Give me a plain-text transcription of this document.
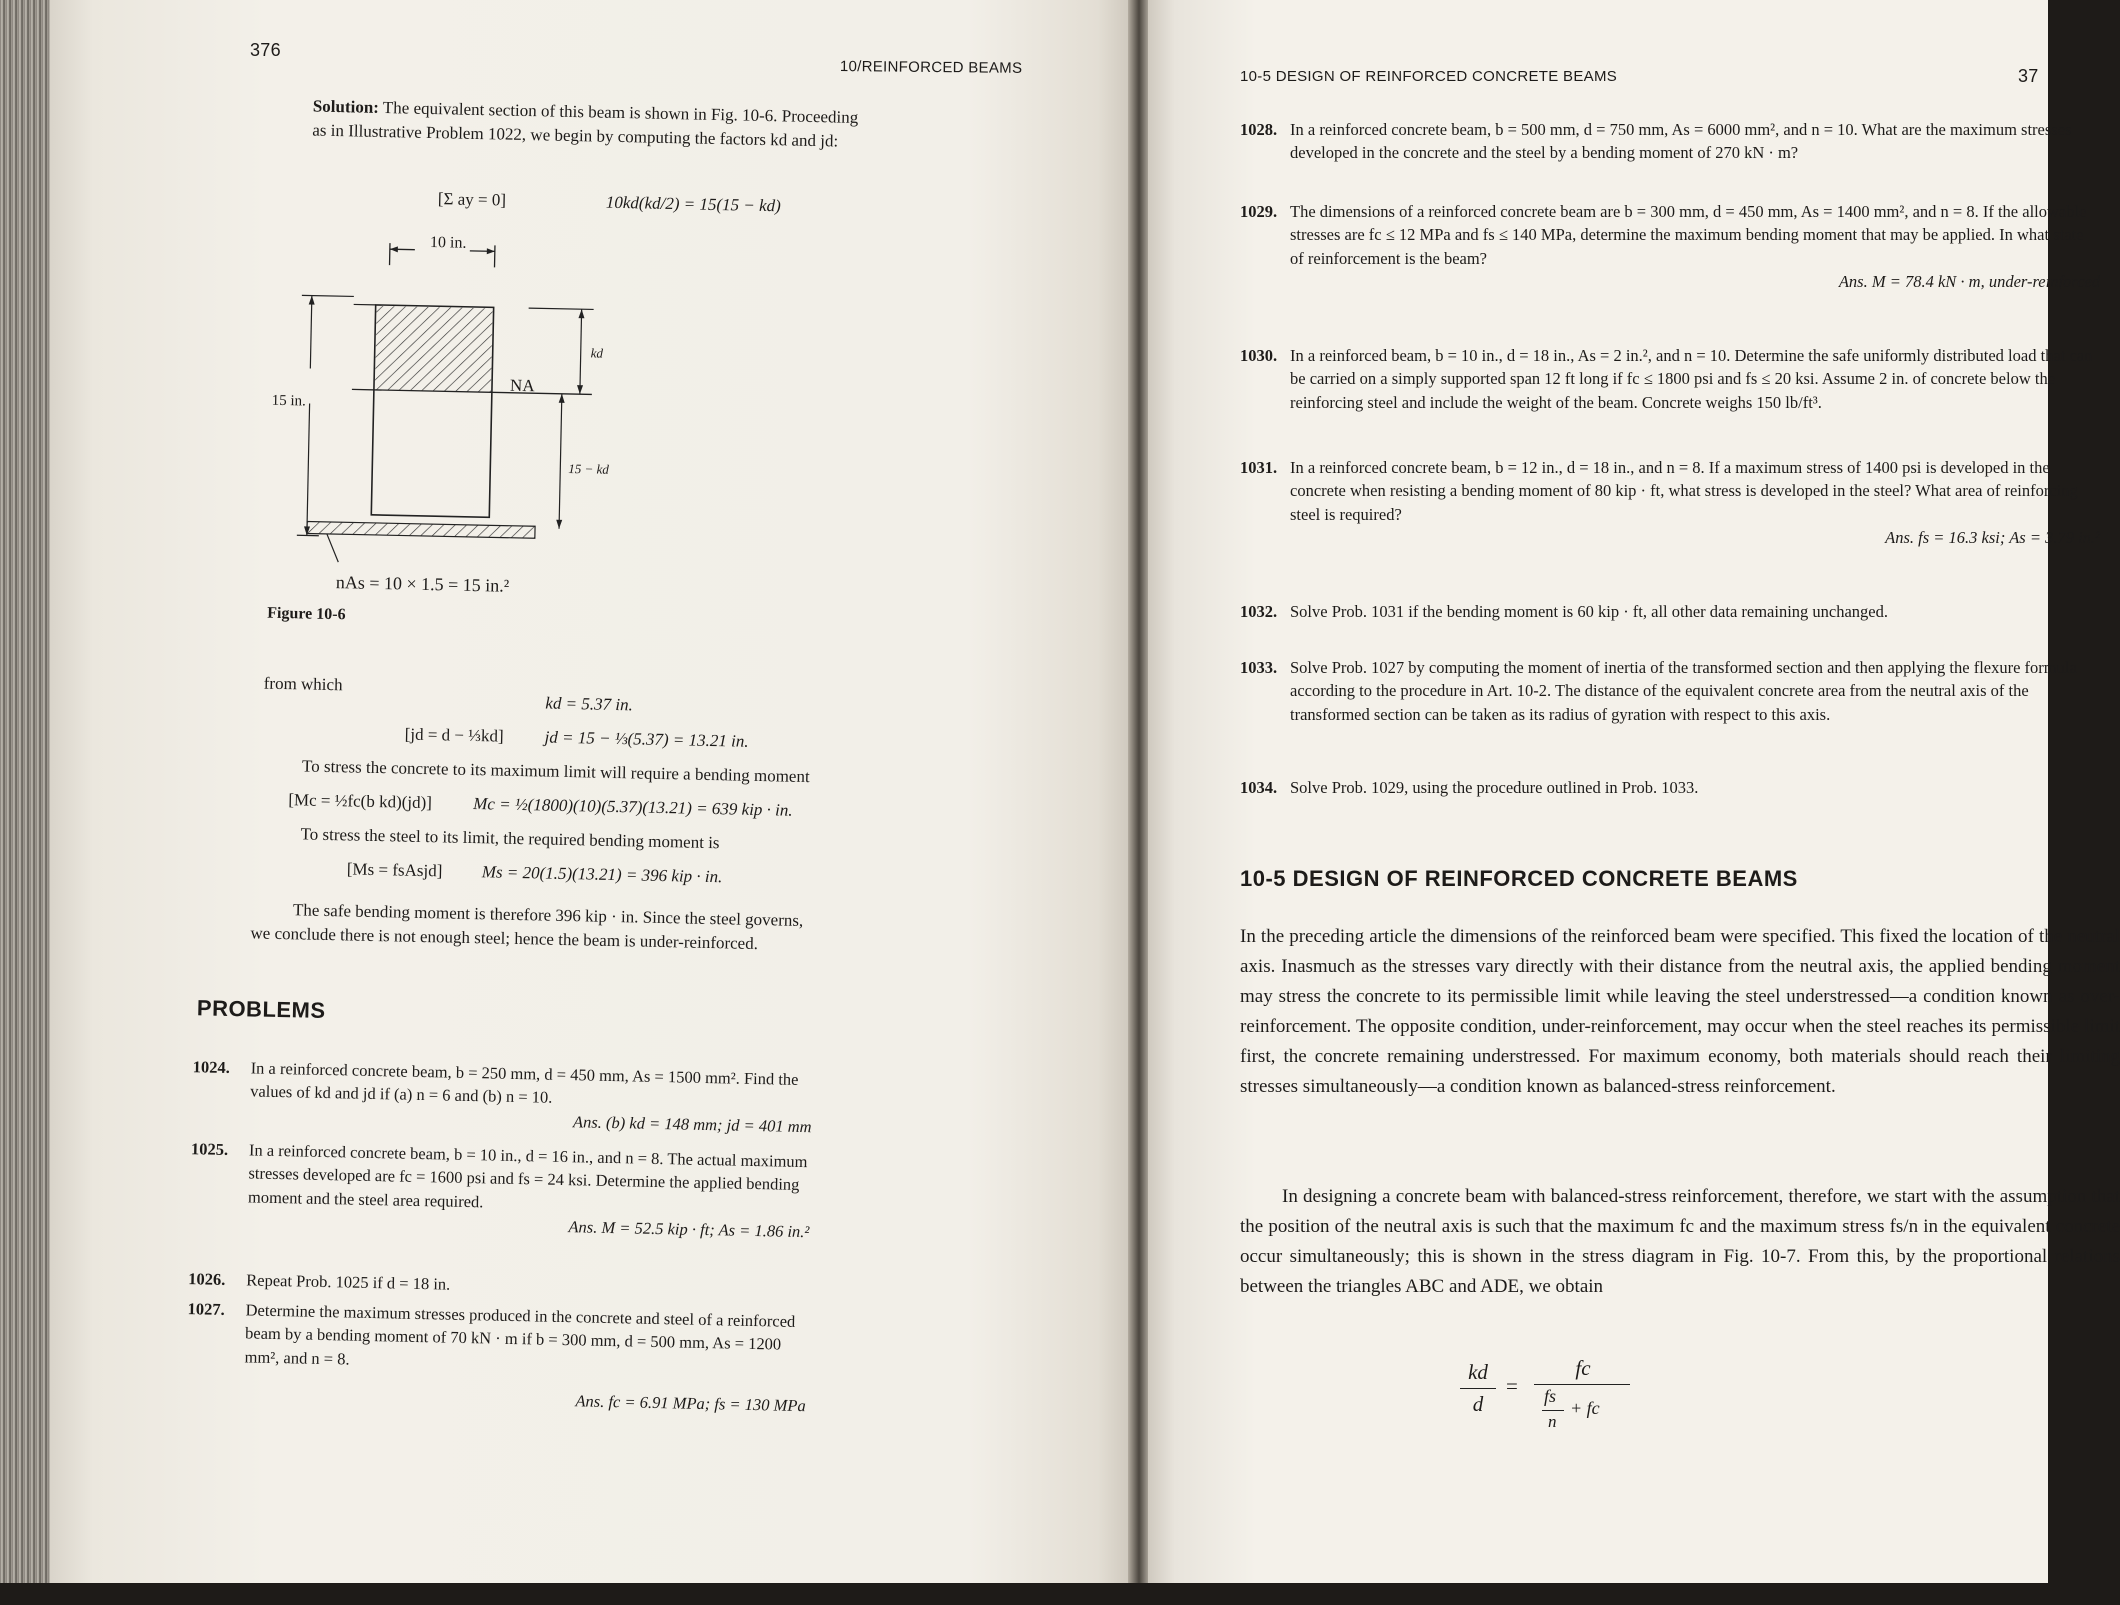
376
10/REINFORCED BEAMS
Solution: The equivalent section of this beam is shown in Fig. 10-6. Proceeding
as in Illustrative Problem 1022, we begin by computing the factors kd and jd:
[Σ ay = 0]	10kd(kd/2) = 15(15 − kd)
10 in.
15 in.
kd
NA
15 − kd
nAs = 10 × 1.5 = 15 in.²
Figure 10-6
from which
kd = 5.37 in.
[jd = d − ⅓kd] jd = 15 − ⅓(5.37) = 13.21 in.
To stress the concrete to its maximum limit will require a bending moment
[Mc = ½fc(b kd)(jd)] Mc = ½(1800)(10)(5.37)(13.21) = 639 kip · in.
To stress the steel to its limit, the required bending moment is
[Ms = fsAsjd] Ms = 20(1.5)(13.21) = 396 kip · in.
The safe bending moment is therefore 396 kip · in. Since the steel governs,
we conclude there is not enough steel; hence the beam is under-reinforced.
PROBLEMS
1024. In a reinforced concrete beam, b = 250 mm, d = 450 mm, As = 1500 mm². Find the values of kd and jd if (a) n = 6 and (b) n = 10.
Ans. (b) kd = 148 mm; jd = 401 mm
1025. In a reinforced concrete beam, b = 10 in., d = 16 in., and n = 8. The actual maximum stresses developed are fc = 1600 psi and fs = 24 ksi. Determine the applied bending moment and the steel area required.
Ans. M = 52.5 kip · ft; As = 1.86 in.²
1026. Repeat Prob. 1025 if d = 18 in.
1027. Determine the maximum stresses produced in the concrete and steel of a reinforced beam by a bending moment of 70 kN · m if b = 300 mm, d = 500 mm, As = 1200 mm², and n = 8.
Ans. fc = 6.91 MPa; fs = 130 MPa
10-5 DESIGN OF REINFORCED CONCRETE BEAMS	37
1028. In a reinforced concrete beam, b = 500 mm, d = 750 mm, As = 6000 mm², and n = 10. What are the maximum stresses developed in the concrete and the steel by a bending moment of 270 kN · m?
1029. The dimensions of a reinforced concrete beam are b = 300 mm, d = 450 mm, As = 1400 mm², and n = 8. If the allowable stresses are fc ≤ 12 MPa and fs ≤ 140 MPa, determine the maximum bending moment that may be applied. In what state of reinforcement is the beam?
Ans. M = 78.4 kN · m, under-reinforced
1030. In a reinforced beam, b = 10 in., d = 18 in., As = 2 in.², and n = 10. Determine the safe uniformly distributed load that can be carried on a simply supported span 12 ft long if fc ≤ 1800 psi and fs ≤ 20 ksi. Assume 2 in. of concrete below the reinforcing steel and include the weight of the beam. Concrete weighs 150 lb/ft³.
1031. In a reinforced concrete beam, b = 12 in., d = 18 in., and n = 8. If a maximum stress of 1400 psi is developed in the concrete when resisting a bending moment of 80 kip · ft, what stress is developed in the steel? What area of reinforcing steel is required?
Ans. fs = 16.3 ksi; As = 3.79 in.²
1032. Solve Prob. 1031 if the bending moment is 60 kip · ft, all other data remaining unchanged.
1033. Solve Prob. 1027 by computing the moment of inertia of the transformed section and then applying the flexure formula according to the procedure in Art. 10-2. The distance of the equivalent concrete area from the neutral axis of the transformed section can be taken as its radius of gyration with respect to this axis.
1034. Solve Prob. 1029, using the procedure outlined in Prob. 1033.
10-5 DESIGN OF REINFORCED CONCRETE BEAMS
In the preceding article the dimensions of the reinforced beam were specified. This fixed the location of the neutral axis. Inasmuch as the stresses vary directly with their distance from the neutral axis, the applied bending moment may stress the concrete to its permissible limit while leaving the steel understressed—a condition known as over-reinforcement. The opposite condition, under-reinforcement, may occur when the steel reaches its permissible limit first, the concrete remaining understressed. For maximum economy, both materials should reach their limiting stresses simultaneously—a condition known as balanced-stress reinforcement.
In designing a concrete beam with balanced-stress reinforcement, therefore, we start with the assumption that the position of the neutral axis is such that the maximum fc and the maximum stress fs/n in the equivalent concrete occur simultaneously; this is shown in the stress diagram in Fig. 10-7. From this, by the proportional relations between the triangles ABC and ADE, we obtain
kd
d
=
fc
fs
n
+ fc
